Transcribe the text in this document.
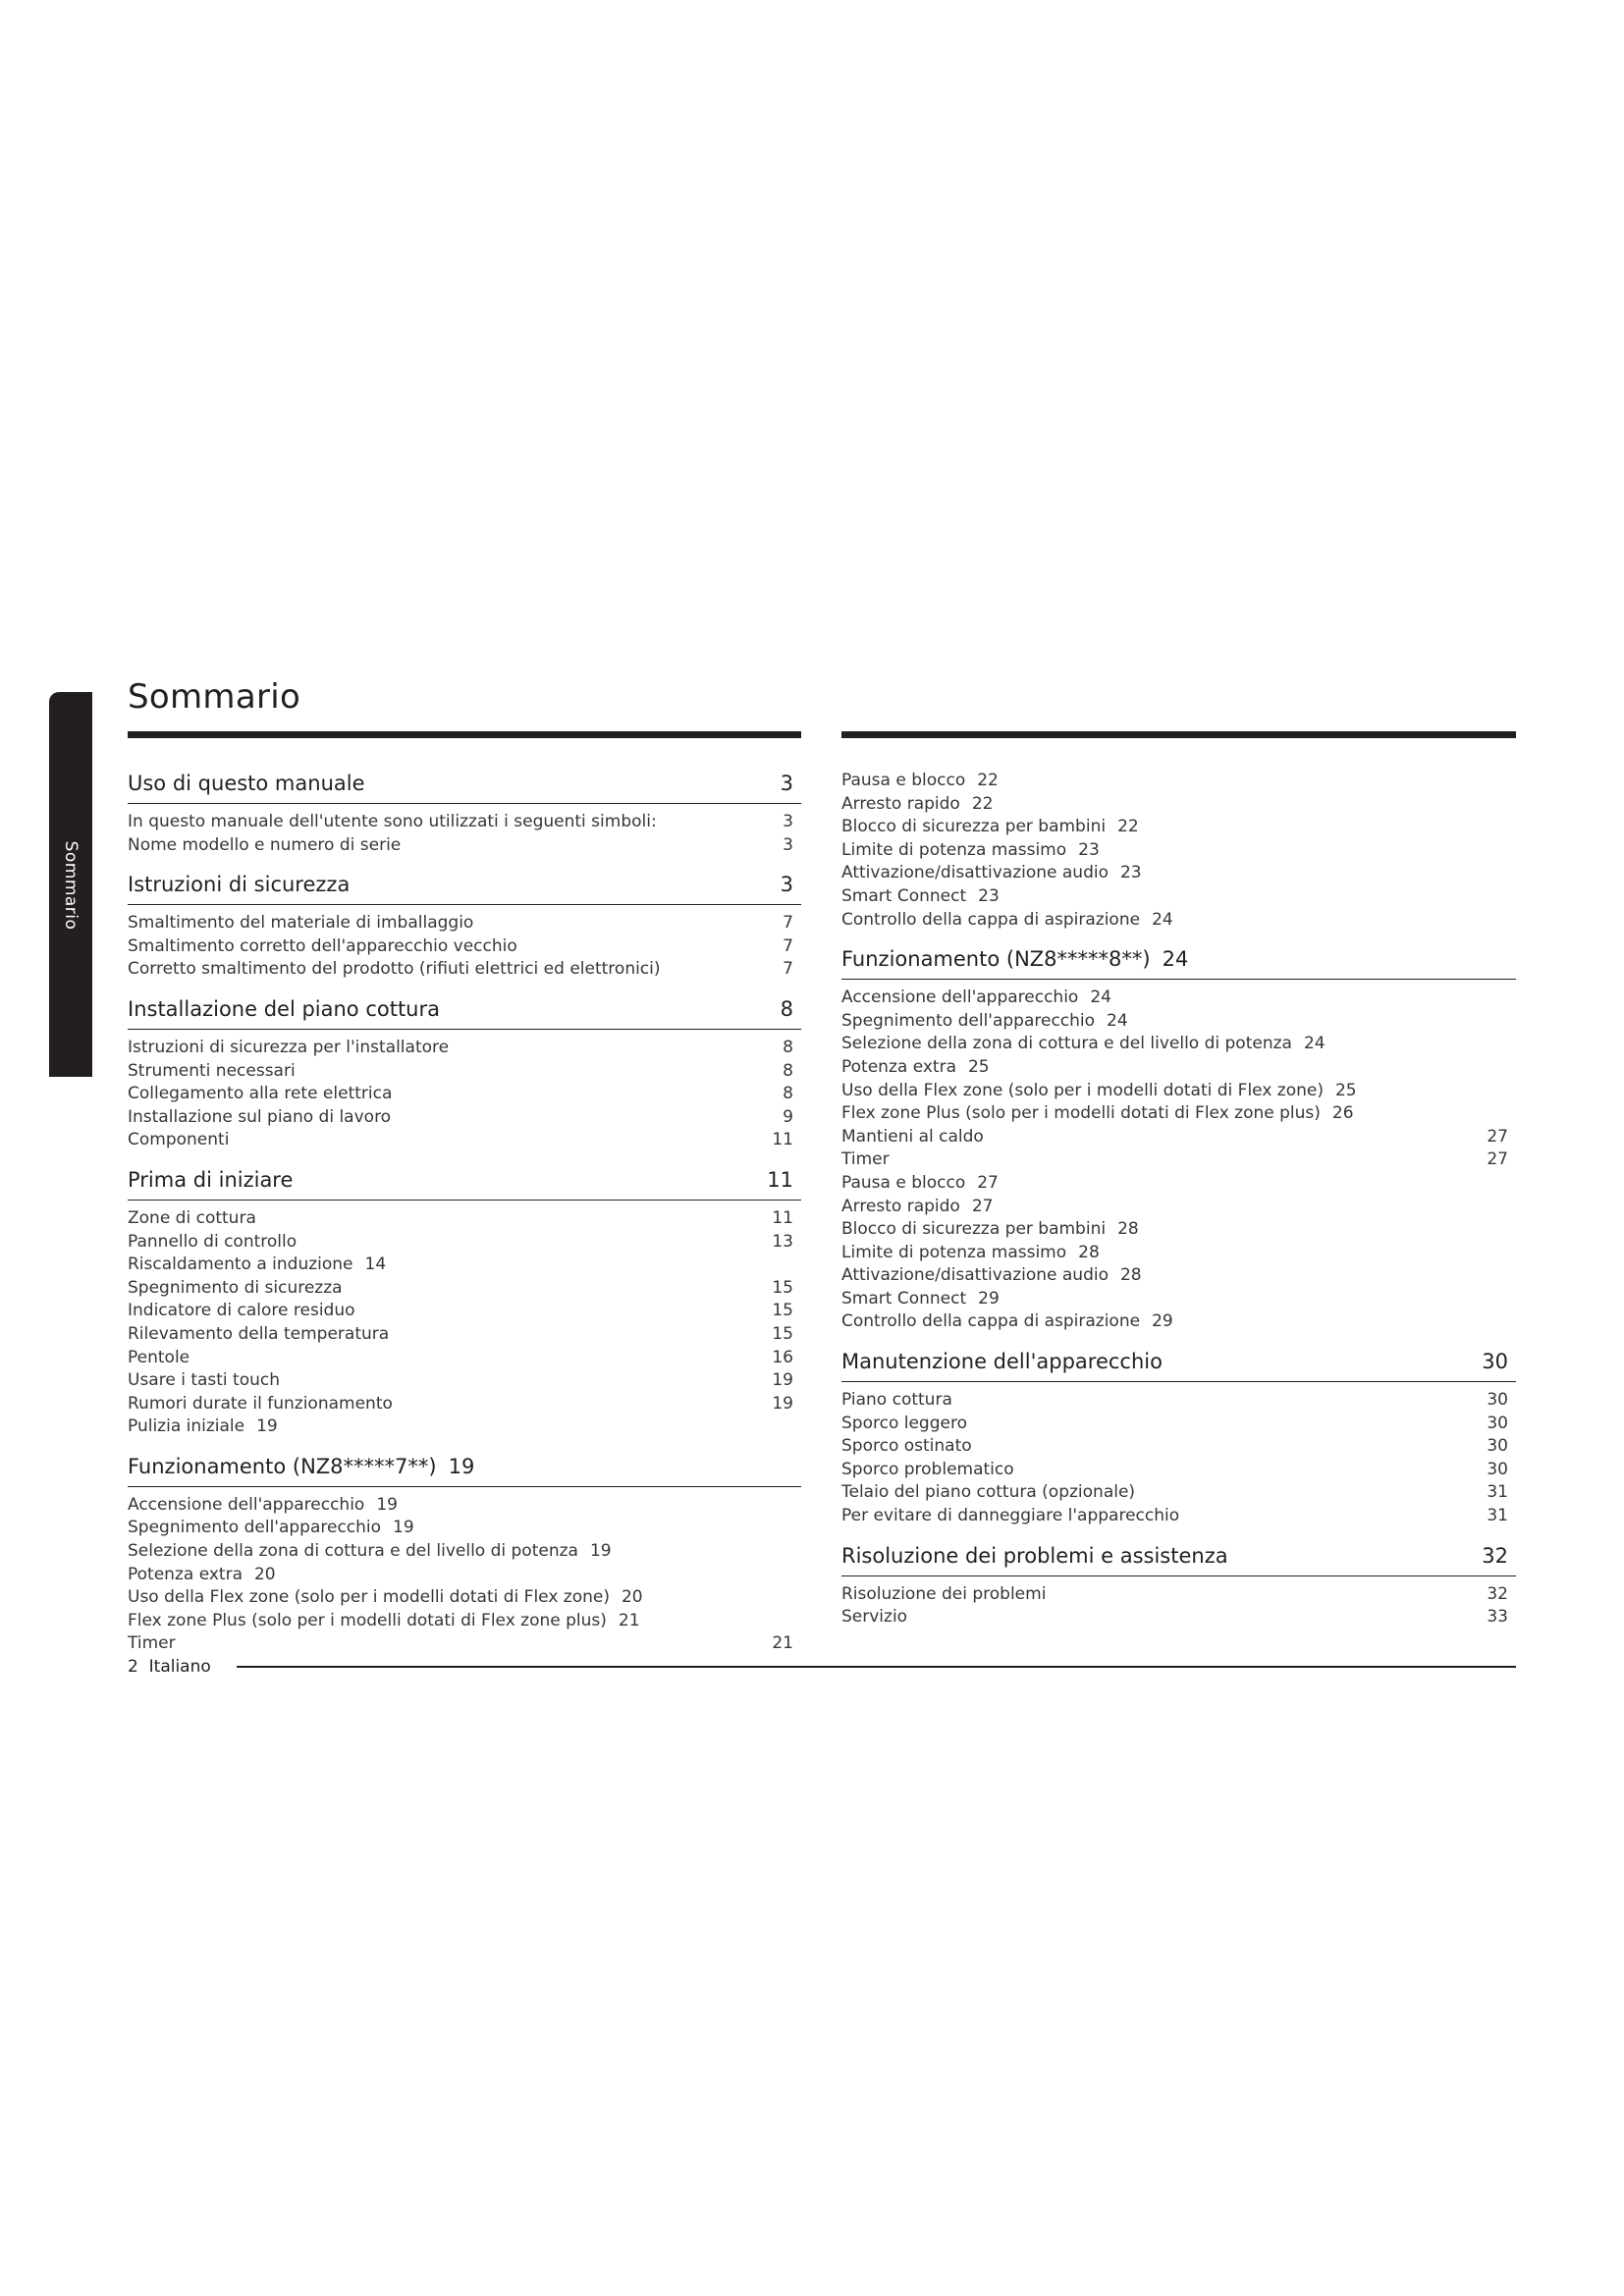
Sommario
Sommario
Uso di questo manuale	3
In questo manuale dell'utente sono utilizzati i seguenti simboli:	3
Nome modello e numero di serie	3
Istruzioni di sicurezza	3
Smaltimento del materiale di imballaggio	7
Smaltimento corretto dell'apparecchio vecchio	7
Corretto smaltimento del prodotto (rifiuti elettrici ed elettronici)	7
Installazione del piano cottura	8
Istruzioni di sicurezza per l'installatore	8
Strumenti necessari	8
Collegamento alla rete elettrica	8
Installazione sul piano di lavoro	9
Componenti	11
Prima di iniziare	11
Zone di cottura	11
Pannello di controllo	13
Riscaldamento a induzione 14
Spegnimento di sicurezza	15
Indicatore di calore residuo	15
Rilevamento della temperatura	15
Pentole	16
Usare i tasti touch	19
Rumori durate il funzionamento	19
Pulizia iniziale 19
Funzionamento (NZ8*****7**) 19
Accensione dell'apparecchio 19
Spegnimento dell'apparecchio 19
Selezione della zona di cottura e del livello di potenza 19
Potenza extra 20
Uso della Flex zone (solo per i modelli dotati di Flex zone) 20
Flex zone Plus (solo per i modelli dotati di Flex zone plus) 21
Timer	21
Pausa e blocco 22
Arresto rapido 22
Blocco di sicurezza per bambini 22
Limite di potenza massimo 23
Attivazione/disattivazione audio 23
Smart Connect 23
Controllo della cappa di aspirazione 24
Funzionamento (NZ8*****8**) 24
Accensione dell'apparecchio 24
Spegnimento dell'apparecchio 24
Selezione della zona di cottura e del livello di potenza 24
Potenza extra 25
Uso della Flex zone (solo per i modelli dotati di Flex zone) 25
Flex zone Plus (solo per i modelli dotati di Flex zone plus) 26
Mantieni al caldo	27
Timer	27
Pausa e blocco 27
Arresto rapido 27
Blocco di sicurezza per bambini 28
Limite di potenza massimo 28
Attivazione/disattivazione audio 28
Smart Connect 29
Controllo della cappa di aspirazione 29
Manutenzione dell'apparecchio	30
Piano cottura	30
Sporco leggero	30
Sporco ostinato	30
Sporco problematico	30
Telaio del piano cottura (opzionale)	31
Per evitare di danneggiare l'apparecchio	31
Risoluzione dei problemi e assistenza	32
Risoluzione dei problemi	32
Servizio	33
2 Italiano
